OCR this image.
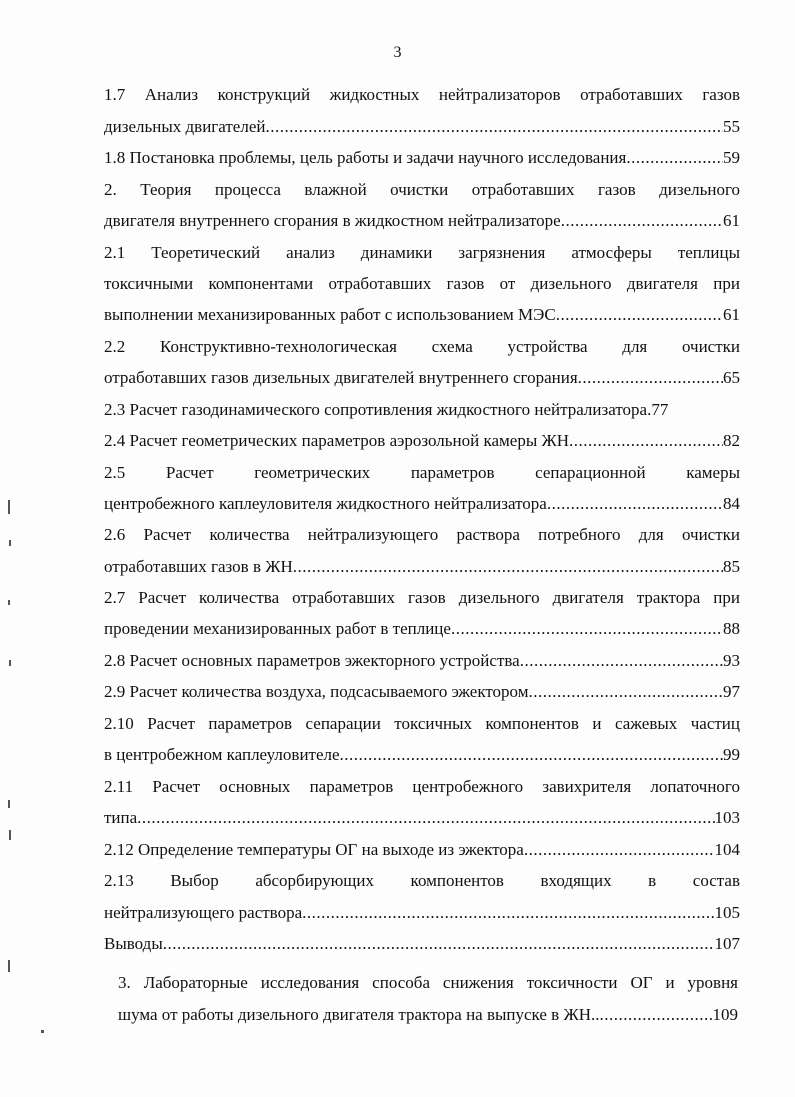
3
1.7 Анализ конструкций жидкостных нейтрализаторов отработавших газов
дизельных двигателей .....	55
1.8 Постановка проблемы, цель работы и задачи научного исследования .....	59
2. Теория процесса влажной очистки отработавших газов дизельного
двигателя внутреннего сгорания в жидкостном нейтрализаторе .....	61
2.1 Теоретический анализ динамики загрязнения атмосферы теплицы
токсичными компонентами отработавших газов от дизельного двигателя при
выполнении механизированных работ с использованием МЭС .....	61
2.2 Конструктивно-технологическая схема устройства для очистки
отработавших газов дизельных двигателей внутреннего сгорания .....	65
2.3 Расчет газодинамического сопротивления жидкостного нейтрализатора. 77
2.4 Расчет геометрических параметров аэрозольной камеры ЖН .....	82
2.5 Расчет геометрических параметров сепарационной камеры
центробежного каплеуловителя жидкостного нейтрализатора .....	84
2.6 Расчет количества нейтрализующего раствора потребного для очистки
отработавших газов в ЖН .....	85
2.7 Расчет количества отработавших газов дизельного двигателя трактора при
проведении механизированных работ в теплице .....	88
2.8 Расчет основных параметров эжекторного устройства .....	93
2.9 Расчет количества воздуха, подсасываемого эжектором .....	97
2.10 Расчет параметров сепарации токсичных компонентов и сажевых частиц
в центробежном каплеуловителе .....	99
2.11 Расчет основных параметров центробежного завихрителя лопаточного
типа .....	103
2.12 Определение температуры ОГ на выходе из эжектора .....	104
2.13 Выбор абсорбирующих компонентов входящих в состав
нейтрализующего раствора .....	105
Выводы .....	107
3. Лабораторные исследования способа снижения токсичности ОГ и уровня
шума от работы дизельного двигателя трактора на выпуске в ЖН.. .....	109
